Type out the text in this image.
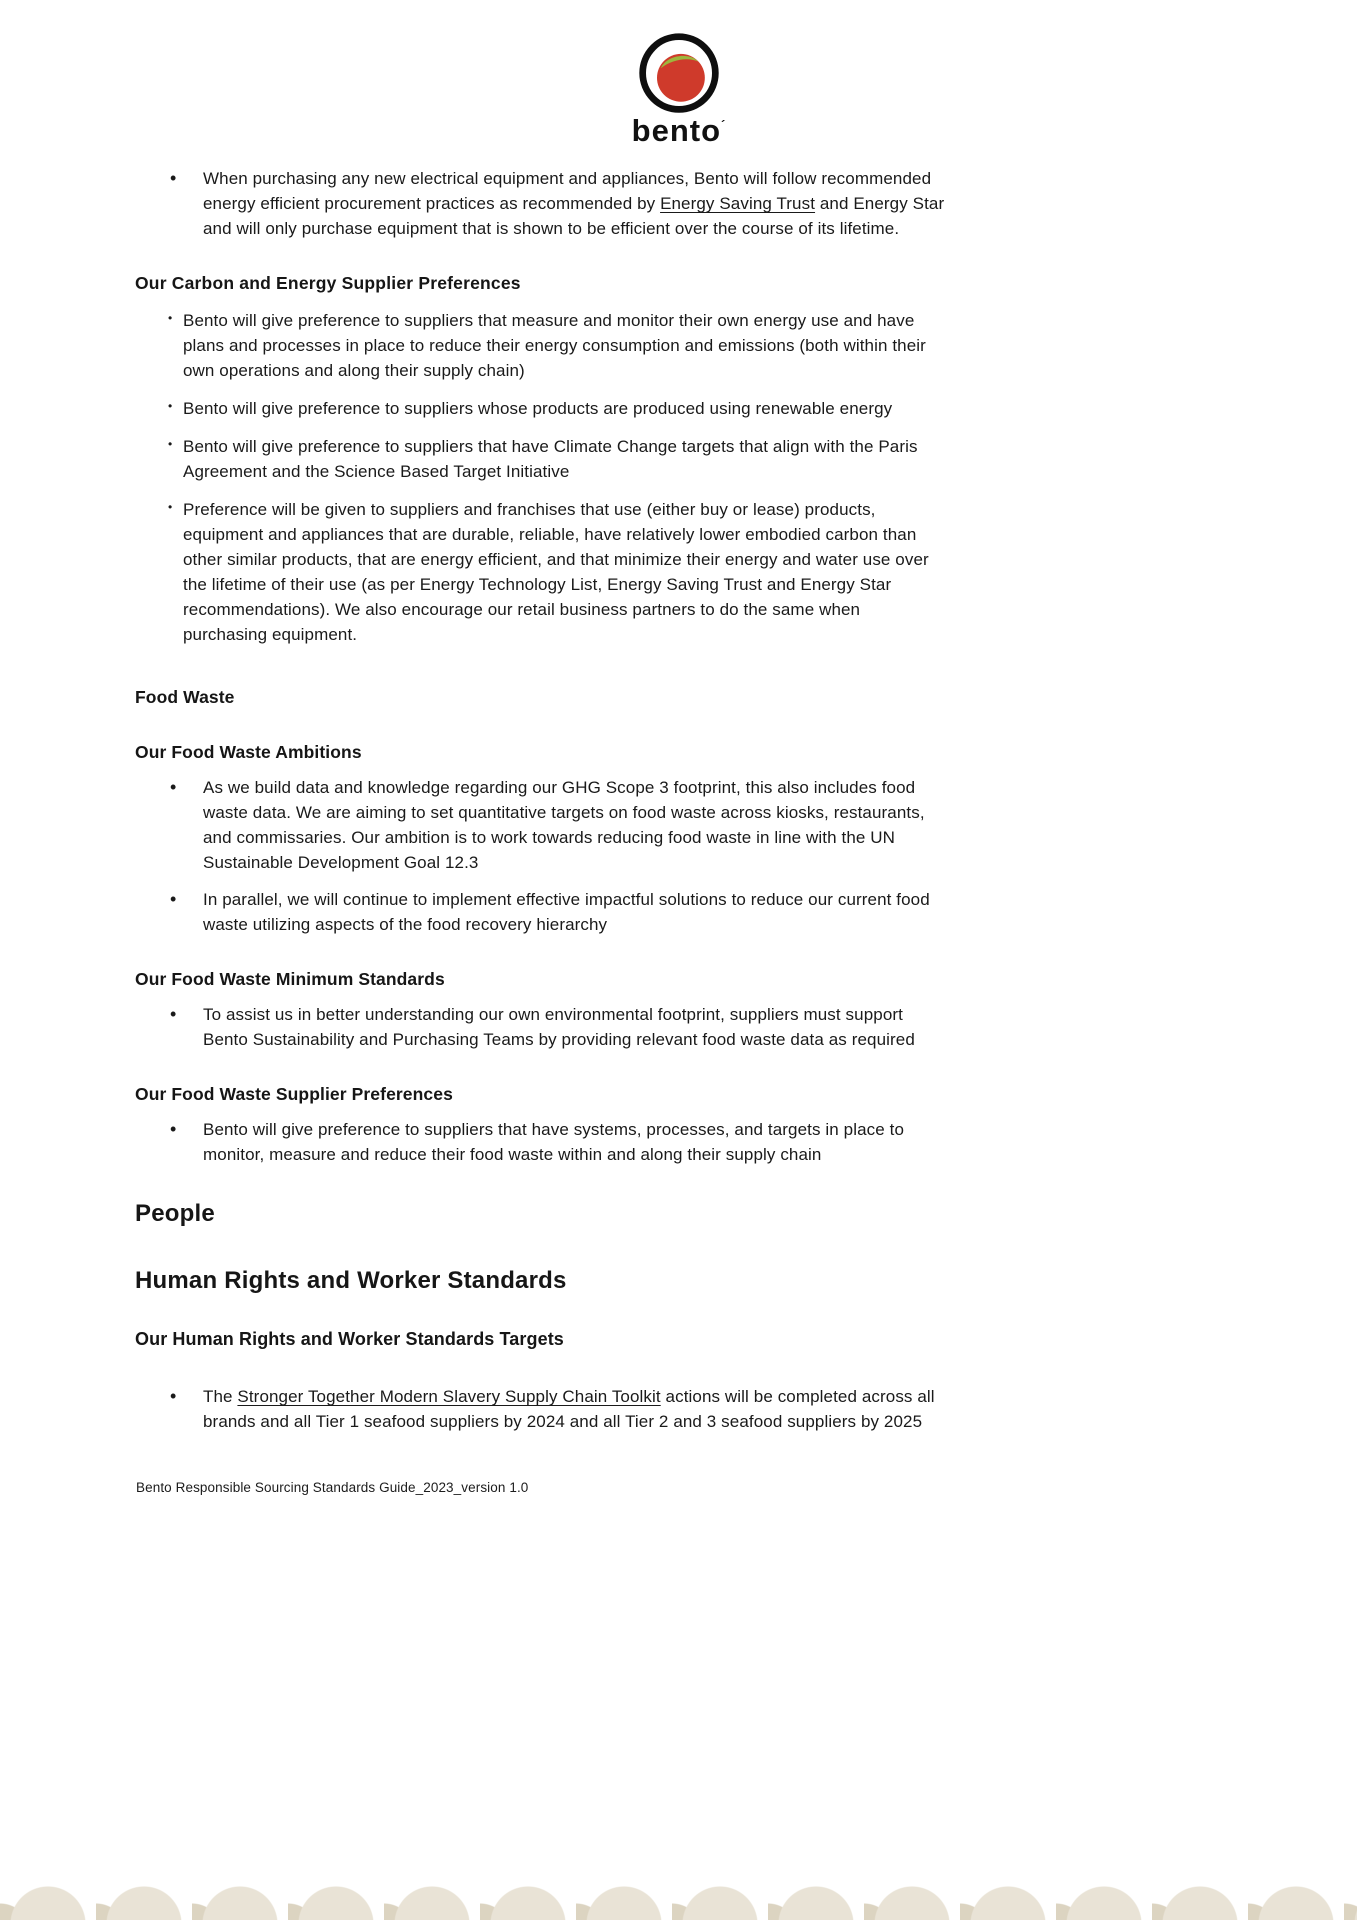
bento´

• When purchasing any new electrical equipment and appliances, Bento will follow recommended energy efficient procurement practices as recommended by Energy Saving Trust and Energy Star and will only purchase equipment that is shown to be efficient over the course of its lifetime.

Our Carbon and Energy Supplier Preferences

• Bento will give preference to suppliers that measure and monitor their own energy use and have plans and processes in place to reduce their energy consumption and emissions (both within their own operations and along their supply chain)

• Bento will give preference to suppliers whose products are produced using renewable energy

• Bento will give preference to suppliers that have Climate Change targets that align with the Paris Agreement and the Science Based Target Initiative

• Preference will be given to suppliers and franchises that use (either buy or lease) products, equipment and appliances that are durable, reliable, have relatively lower embodied carbon than other similar products, that are energy efficient, and that minimize their energy and water use over the lifetime of their use (as per Energy Technology List, Energy Saving Trust and Energy Star recommendations). We also encourage our retail business partners to do the same when purchasing equipment.

Food Waste
Our Food Waste Ambitions

• As we build data and knowledge regarding our GHG Scope 3 footprint, this also includes food waste data. We are aiming to set quantitative targets on food waste across kiosks, restaurants, and commissaries. Our ambition is to work towards reducing food waste in line with the UN Sustainable Development Goal 12.3

• In parallel, we will continue to implement effective impactful solutions to reduce our current food waste utilizing aspects of the food recovery hierarchy

Our Food Waste Minimum Standards

• To assist us in better understanding our own environmental footprint, suppliers must support Bento Sustainability and Purchasing Teams by providing relevant food waste data as required

Our Food Waste Supplier Preferences

• Bento will give preference to suppliers that have systems, processes, and targets in place to monitor, measure and reduce their food waste within and along their supply chain

People
Human Rights and Worker Standards
Our Human Rights and Worker Standards Targets

• The Stronger Together Modern Slavery Supply Chain Toolkit actions will be completed across all brands and all Tier 1 seafood suppliers by 2024 and all Tier 2 and 3 seafood suppliers by 2025

Bento Responsible Sourcing Standards Guide_2023_version 1.0
